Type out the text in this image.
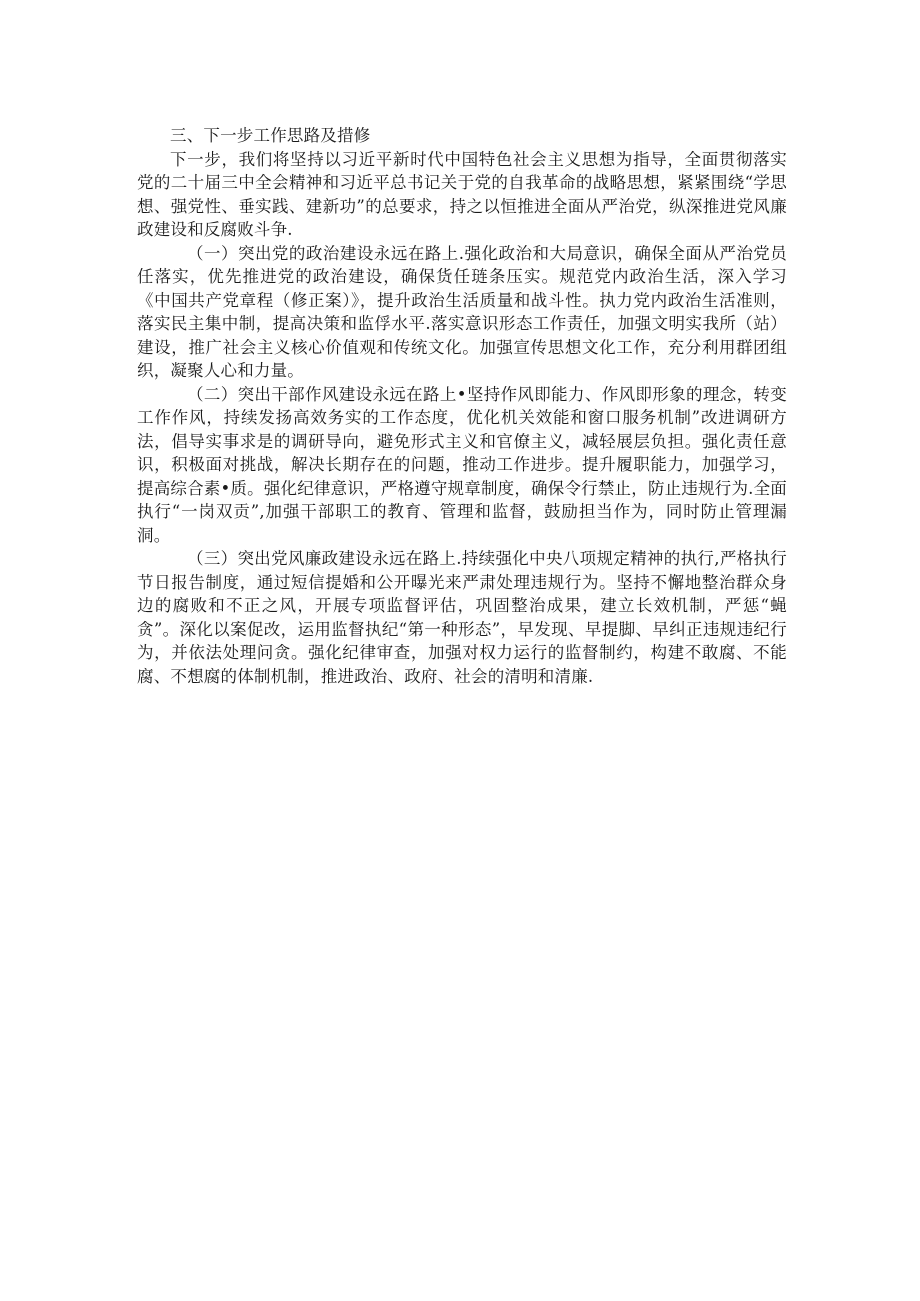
三、下一步工作思路及措修

下一步，我们将坚持以习近平新时代中国特色社会主义思想为指导，全面贯彻落实党的二十届三中全会精神和习近平总书记关于党的自我革命的战略思想，紧紧围绕“学思想、强党性、垂实践、建新功”的总要求，持之以恒推进全面从严治党，纵深推进党风廉政建设和反腐败斗争.

（一）突出党的政治建设永远在路上.强化政治和大局意识，确保全面从严治党员任落实，优先推进党的政治建设，确保货任琏条压实。规范党内政治生活，深入学习《中国共产党章程（修正案）》，提升政治生活质量和战斗性。执力党内政治生活准则，落实民主集中制，提高决策和监俘水平.落实意识形态工作责任，加强文明实我所（站）建设，推广社会主义核心价值观和传统文化。加强宣传思想文化工作，充分利用群团组织，凝聚人心和力量。

（二）突出干部作风建设永远在路上•坚持作风即能力、作风即形象的理念，转变工作作风，持续发扬高效务实的工作态度，优化机关效能和窗口服务机制”改进调研方法，倡导实事求是的调研导向，避免形式主义和官僚主义，减轻展层负担。强化责任意识，积极面对挑战，解决长期存在的问题，推动工作进步。提升履职能力，加强学习，提高综合素•质。强化纪律意识，严格遵守规章制度，确保令行禁止，防止违规行为.全面执行“一岗双贡”,加强干部职工的教育、管理和监督，鼓励担当作为，同时防止管理漏洞。

（三）突出党风廉政建设永远在路上.持续强化中央八项规定精神的执行,严格执行节日报告制度，通过短信提婚和公开曝光来严肃处理违规行为。坚持不懈地整治群众身边的腐败和不正之风，开展专项监督评估，巩固整治成果，建立长效机制，严惩“蝇贪”。深化以案促改，运用监督执纪“第一种形态”，早发现、早提脚、早纠正违规违纪行为，并依法处理问贪。强化纪律审查，加强对权力运行的监督制约，构建不敢腐、不能腐、不想腐的体制机制，推进政治、政府、社会的清明和清廉.
